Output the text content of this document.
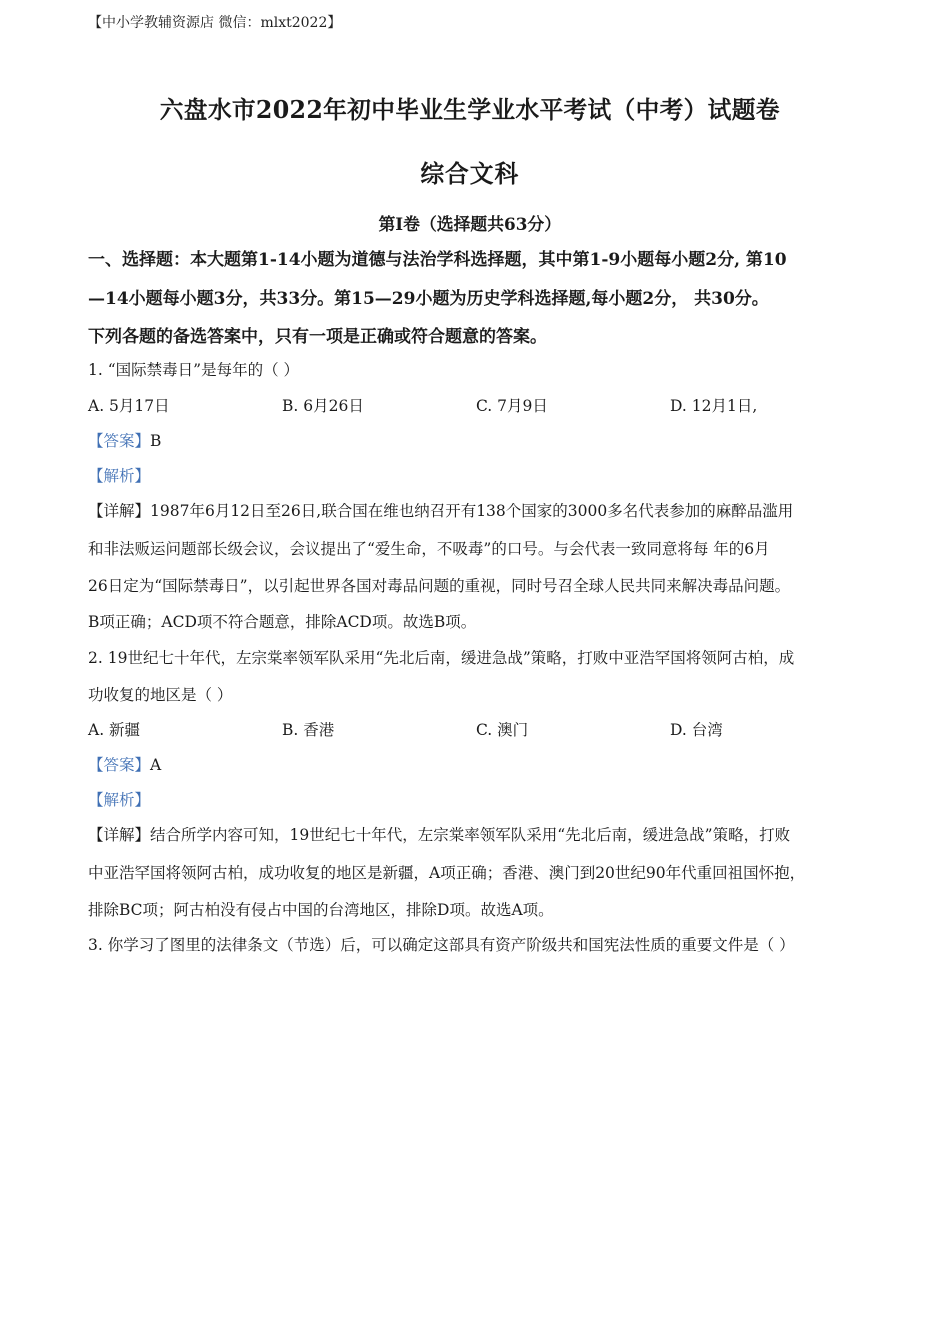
【中小学教辅资源店 微信：mlxt2022】
六盘水市2022年初中毕业生学业水平考试（中考）试题卷
综合文科
第I卷（选择题共63分）
一、选择题：本大题第1-14小题为道德与法治学科选择题，其中第1-9小题每小题2分, 第10
—14小题每小题3分，共33分。第15—29小题为历史学科选择题,每小题2分， 共30分。
下列各题的备选答案中，只有一项是正确或符合题意的答案。
1. “国际禁毒日”是每年的（ ）
A. 5月17日	B. 6月26日	C. 7月9日	D. 12月1日,
【答案】B
【解析】
【详解】1987年6月12日至26日,联合国在维也纳召开有138个国家的3000多名代表参加的麻醉品滥用
和非法贩运问题部长级会议，会议提出了“爱生命，不吸毒”的口号。与会代表一致同意将每 年的6月
26日定为“国际禁毒日”，以引起世界各国对毒品问题的重视，同时号召全球人民共同来解决毒品问题。
B项正确；ACD项不符合题意，排除ACD项。故选B项。
2. 19世纪七十年代，左宗棠率领军队采用“先北后南，缓进急战”策略，打败中亚浩罕国将领阿古柏，成
功收复的地区是（ ）
A. 新疆	B. 香港	C. 澳门	D. 台湾
【答案】A
【解析】
【详解】结合所学内容可知，19世纪七十年代，左宗棠率领军队采用“先北后南，缓进急战”策略，打败
中亚浩罕国将领阿古柏，成功收复的地区是新疆，A项正确；香港、澳门到20世纪90年代重回祖国怀抱，
排除BC项；阿古柏没有侵占中国的台湾地区，排除D项。故选A项。
3. 你学习了图里的法律条文（节选）后，可以确定这部具有资产阶级共和国宪法性质的重要文件是（ ）
